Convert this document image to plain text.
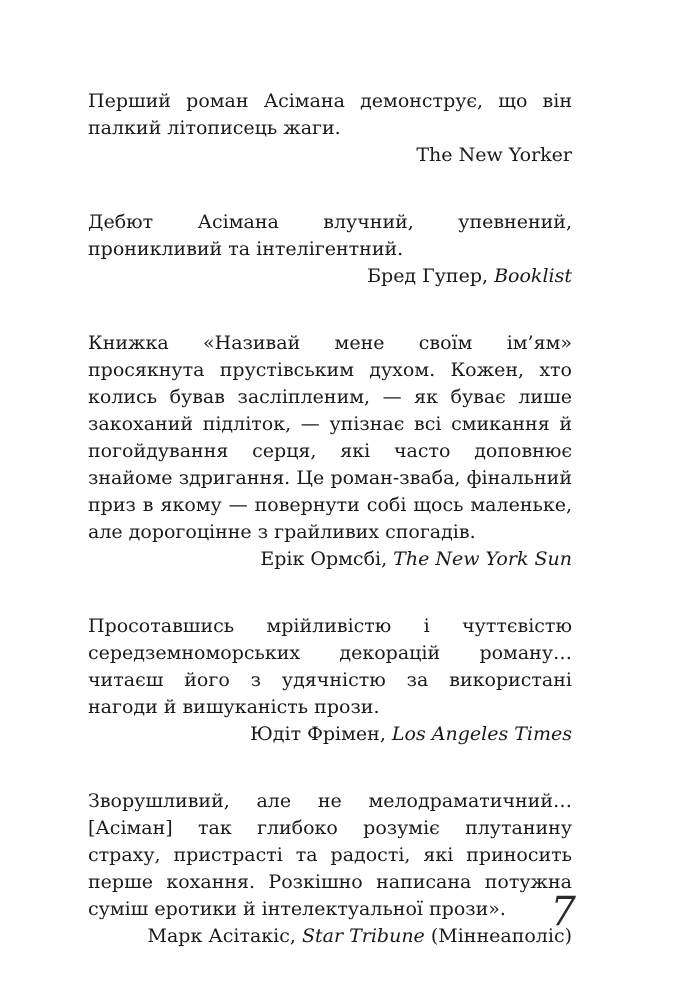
Перший роман Асімана демонструє, що він палкий літописець жаги.

The New Yorker

Дебют Асімана влучний, упевнений, проникливий та інтелігентний.

Бред Гупер, Booklist

Книжка «Називай мене своїм ім’ям» просякнута прустівським духом. Кожен, хто колись бував засліпленим, — як буває лише закоханий підліток, — упізнає всі смикання й погойдування серця, які часто доповнює знайоме здригання. Це роман-зваба, фінальний приз в якому — повернути собі щось маленьке, але дорогоцінне з грайливих спогадів.

Ерік Ормсбі, The New York Sun

Просотавшись мрійливістю і чуттєвістю середземноморських декорацій роману… читаєш його з удячністю за використані нагоди й вишуканість прози.

Юдіт Фрімен, Los Angeles Times

Зворушливий, але не мелодраматичний… [Асіман] так глибоко розуміє плутанину страху, пристрасті та радості, які приносить перше кохання. Розкішно написана потужна суміш еротики й інтелектуальної прози».

Марк Асітакіс, Star Tribune (Міннеаполіс)

7
